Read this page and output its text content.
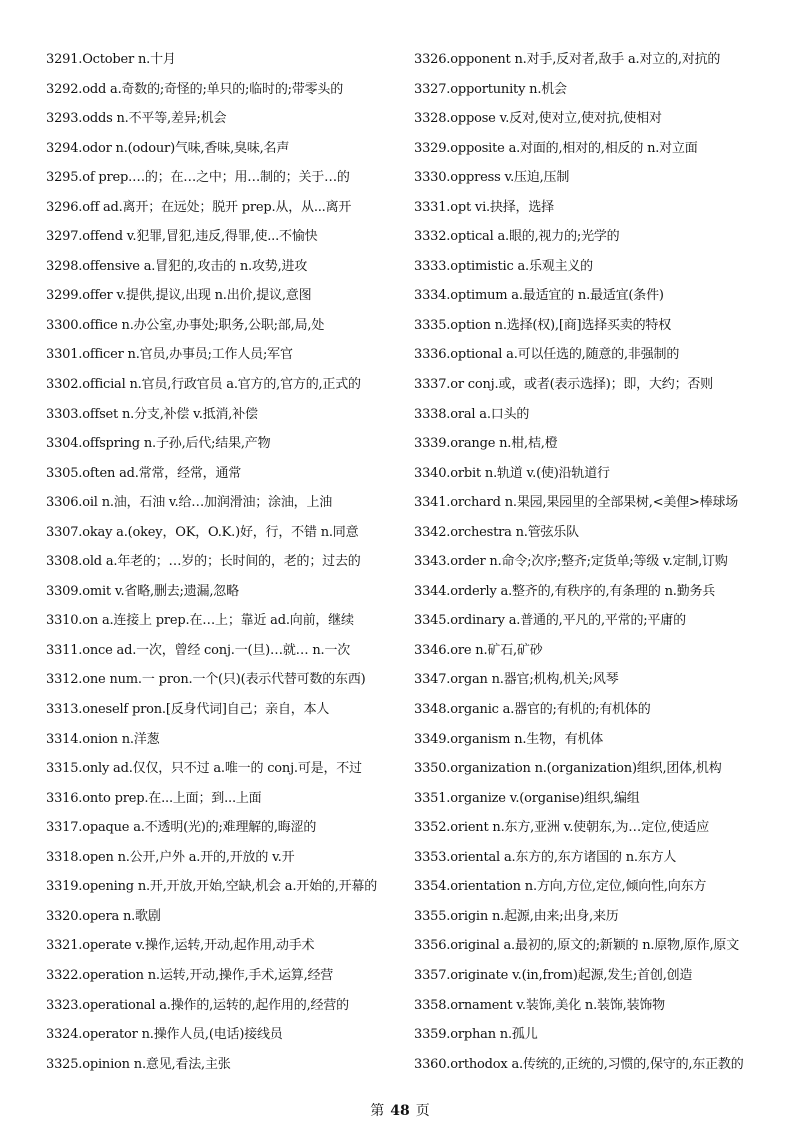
3291.October n.十月
3292.odd a.奇数的;奇怪的;单只的;临时的;带零头的
3293.odds n.不平等,差异;机会
3294.odor n.(odour)气味,香味,臭味,名声
3295.of prep.…的；在…之中；用…制的；关于…的
3296.off ad.离开；在远处；脱开 prep.从，从...离开
3297.offend v.犯罪,冒犯,违反,得罪,使...不愉快
3298.offensive a.冒犯的,攻击的 n.攻势,进攻
3299.offer v.提供,提议,出现 n.出价,提议,意图
3300.office n.办公室,办事处;职务,公职;部,局,处
3301.officer n.官员,办事员;工作人员;军官
3302.official n.官员,行政官员 a.官方的,官方的,正式的
3303.offset n.分支,补偿 v.抵消,补偿
3304.offspring n.子孙,后代;结果,产物
3305.often ad.常常，经常，通常
3306.oil n.油，石油 v.给…加润滑油；涂油，上油
3307.okay a.(okey，OK，O.K.)好，行，不错 n.同意
3308.old a.年老的；…岁的；长时间的，老的；过去的
3309.omit v.省略,删去;遗漏,忽略
3310.on a.连接上 prep.在…上；靠近 ad.向前，继续
3311.once ad.一次，曾经 conj.一(旦)…就… n.一次
3312.one num.一 pron.一个(只)(表示代替可数的东西)
3313.oneself pron.[反身代词]自己；亲自，本人
3314.onion n.洋葱
3315.only ad.仅仅，只不过 a.唯一的 conj.可是，不过
3316.onto prep.在...上面；到...上面
3317.opaque a.不透明(光)的;难理解的,晦涩的
3318.open n.公开,户外 a.开的,开放的 v.开
3319.opening n.开,开放,开始,空缺,机会 a.开始的,开幕的
3320.opera n.歌剧
3321.operate v.操作,运转,开动,起作用,动手术
3322.operation n.运转,开动,操作,手术,运算,经营
3323.operational a.操作的,运转的,起作用的,经营的
3324.operator n.操作人员,(电话)接线员
3325.opinion n.意见,看法,主张
3326.opponent n.对手,反对者,敌手 a.对立的,对抗的
3327.opportunity n.机会
3328.oppose v.反对,使对立,使对抗,使相对
3329.opposite a.对面的,相对的,相反的 n.对立面
3330.oppress v.压迫,压制
3331.opt vi.抉择，选择
3332.optical a.眼的,视力的;光学的
3333.optimistic a.乐观主义的
3334.optimum a.最适宜的 n.最适宜(条件)
3335.option n.选择(权),[商]选择买卖的特权
3336.optional a.可以任选的,随意的,非强制的
3337.or conj.或，或者(表示选择)；即，大约；否则
3338.oral a.口头的
3339.orange n.柑,桔,橙
3340.orbit n.轨道 v.(使)沿轨道行
3341.orchard n.果园,果园里的全部果树,<美俚>棒球场
3342.orchestra n.管弦乐队
3343.order n.命令;次序;整齐;定货单;等级 v.定制,订购
3344.orderly a.整齐的,有秩序的,有条理的 n.勤务兵
3345.ordinary a.普通的,平凡的,平常的;平庸的
3346.ore n.矿石,矿砂
3347.organ n.器官;机构,机关;风琴
3348.organic a.器官的;有机的;有机体的
3349.organism n.生物，有机体
3350.organization n.(organization)组织,团体,机构
3351.organize v.(organise)组织,编组
3352.orient n.东方,亚洲 v.使朝东,为…定位,使适应
3353.oriental a.东方的,东方诸国的 n.东方人
3354.orientation n.方向,方位,定位,倾向性,向东方
3355.origin n.起源,由来;出身,来历
3356.original a.最初的,原文的;新颖的 n.原物,原作,原文
3357.originate v.(in,from)起源,发生;首创,创造
3358.ornament v.装饰,美化 n.装饰,装饰物
3359.orphan n.孤儿
3360.orthodox a.传统的,正统的,习惯的,保守的,东正教的
第 48 页
